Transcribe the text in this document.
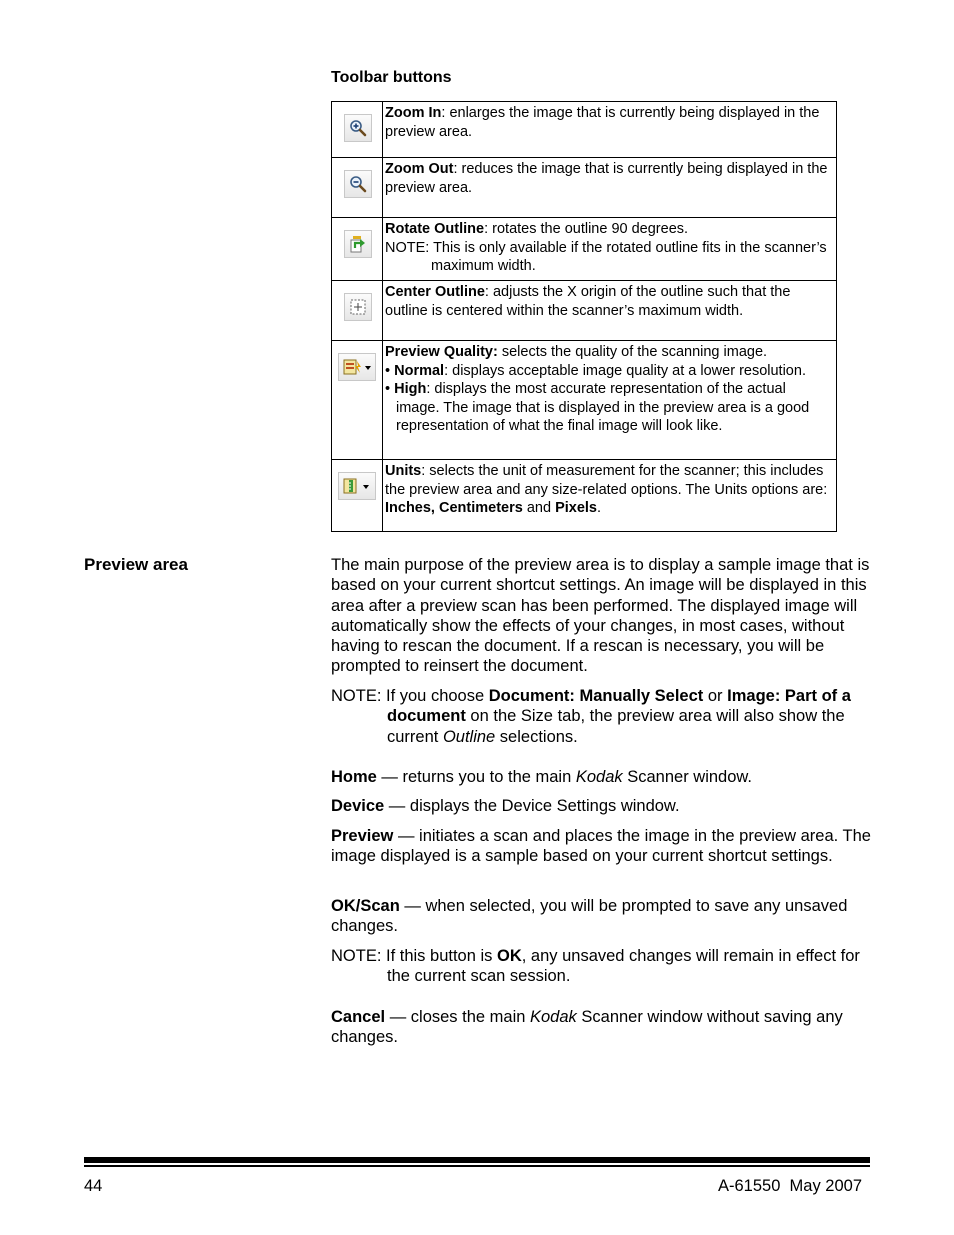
Toolbar buttons
	Zoom In: enlarges the image that is currently being displayed in the preview area.

	Zoom Out: reduces the image that is currently being displayed in the preview area.

	Rotate Outline: rotates the outline 90 degrees.
NOTE: This is only available if the rotated outline fits in the scanner’s maximum width.

	Center Outline: adjusts the X origin of the outline such that the outline is centered within the scanner’s maximum width.

	Preview Quality: selects the quality of the scanning image.
• Normal: displays acceptable image quality at a lower resolution.
• High: displays the most accurate representation of the actual image. The image that is displayed in the preview area is a good representation of what the final image will look like.

	Units: selects the unit of measurement for the scanner; this includes the preview area and any size-related options. The Units options are: Inches, Centimeters and Pixels.
Preview area	The main purpose of the preview area is to display a sample image that is based on your current shortcut settings. An image will be displayed in this area after a preview scan has been performed. The displayed image will automatically show the effects of your changes, in most cases, without having to rescan the document. If a rescan is necessary, you will be prompted to reinsert the document.
NOTE: If you choose Document: Manually Select or Image: Part of a document on the Size tab, the preview area will also show the current Outline selections.
Home — returns you to the main Kodak Scanner window.
Device — displays the Device Settings window.
Preview — initiates a scan and places the image in the preview area. The image displayed is a sample based on your current shortcut settings.
OK/Scan — when selected, you will be prompted to save any unsaved changes.
NOTE: If this button is OK, any unsaved changes will remain in effect for the current scan session.
Cancel — closes the main Kodak Scanner window without saving any changes.
44	A-61550  May 2007
